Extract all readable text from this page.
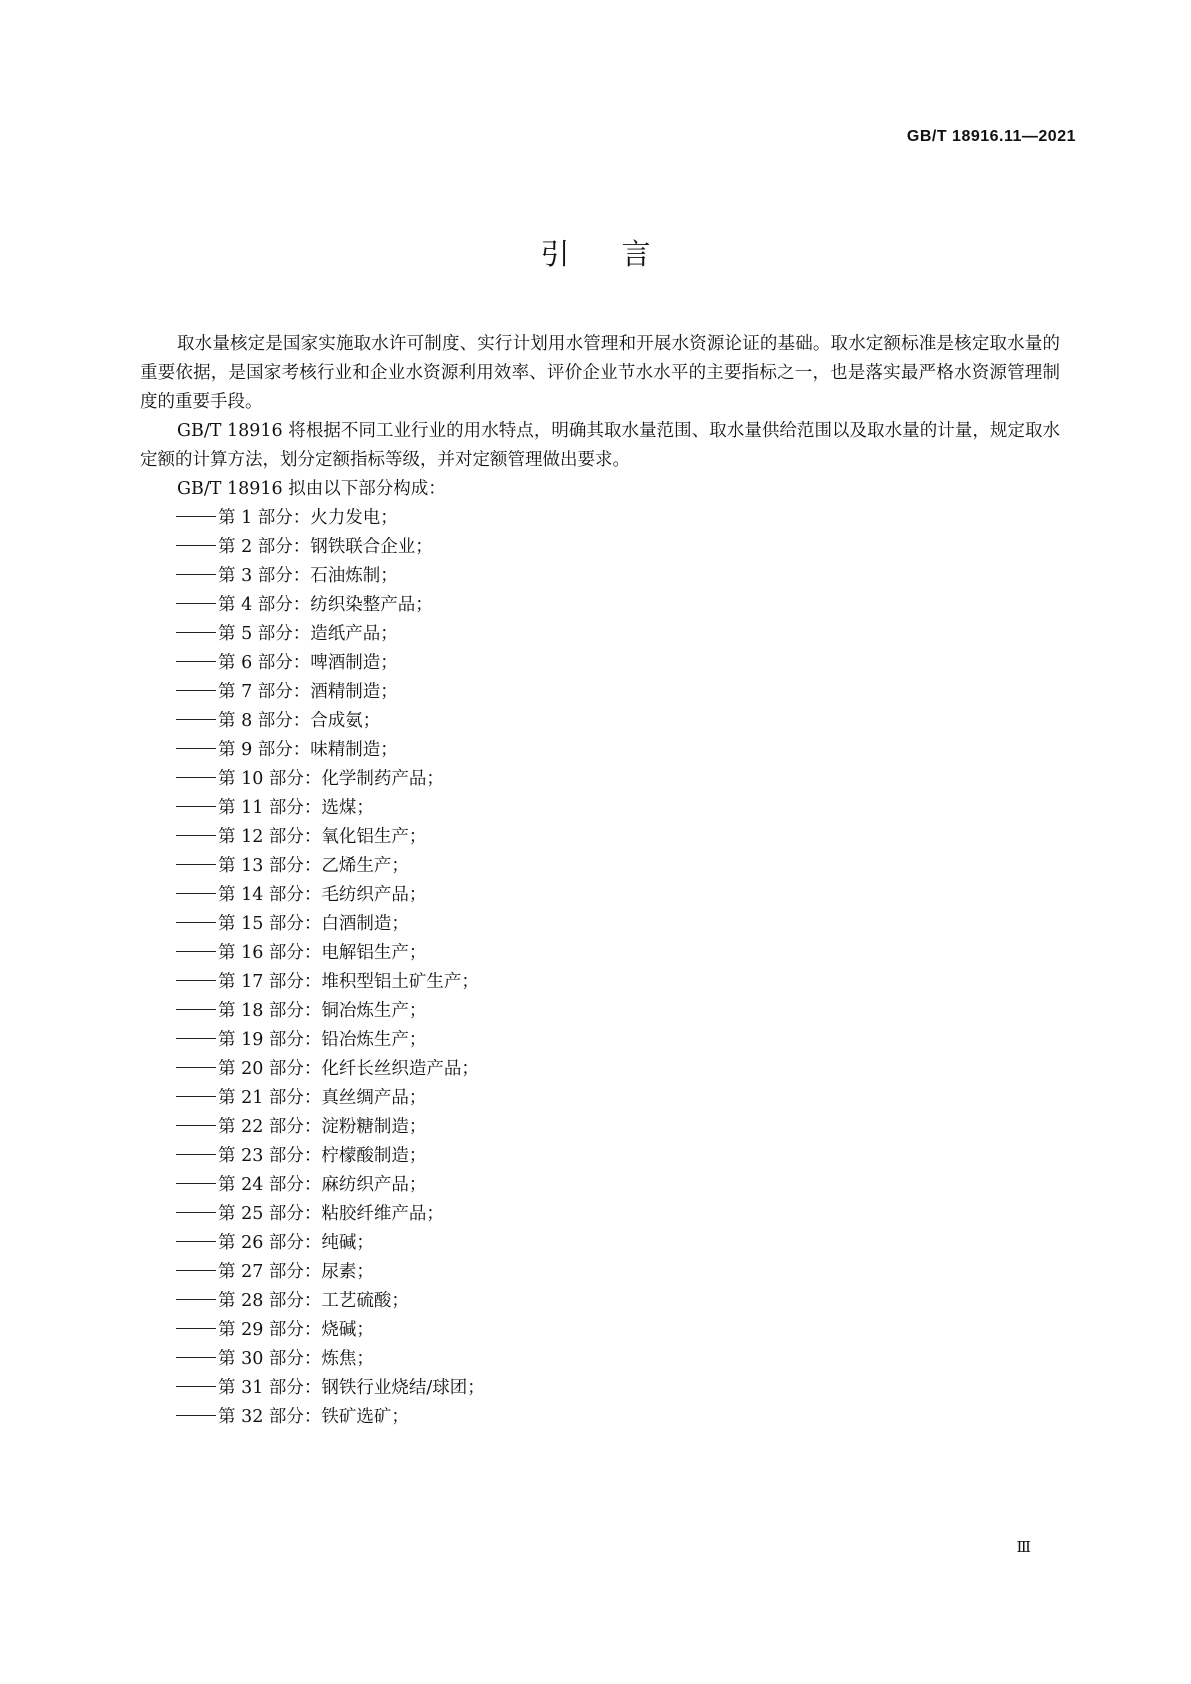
GB/T 18916.11—2021
引言

取水量核定是国家实施取水许可制度、实行计划用水管理和开展水资源论证的基础。取水定额标准是核定取水量的重要依据，是国家考核行业和企业水资源利用效率、评价企业节水水平的主要指标之一，也是落实最严格水资源管理制度的重要手段。

GB/T 18916 将根据不同工业行业的用水特点，明确其取水量范围、取水量供给范围以及取水量的计量，规定取水定额的计算方法，划分定额指标等级，并对定额管理做出要求。

GB/T 18916 拟由以下部分构成：

第 1 部分：火力发电；
第 2 部分：钢铁联合企业；
第 3 部分：石油炼制；
第 4 部分：纺织染整产品；
第 5 部分：造纸产品；
第 6 部分：啤酒制造；
第 7 部分：酒精制造；
第 8 部分：合成氨；
第 9 部分：味精制造；
第 10 部分：化学制药产品；
第 11 部分：选煤；
第 12 部分：氧化铝生产；
第 13 部分：乙烯生产；
第 14 部分：毛纺织产品；
第 15 部分：白酒制造；
第 16 部分：电解铝生产；
第 17 部分：堆积型铝土矿生产；
第 18 部分：铜冶炼生产；
第 19 部分：铅冶炼生产；
第 20 部分：化纤长丝织造产品；
第 21 部分：真丝绸产品；
第 22 部分：淀粉糖制造；
第 23 部分：柠檬酸制造；
第 24 部分：麻纺织产品；
第 25 部分：粘胶纤维产品；
第 26 部分：纯碱；
第 27 部分：尿素；
第 28 部分：工艺硫酸；
第 29 部分：烧碱；
第 30 部分：炼焦；
第 31 部分：钢铁行业烧结/球团；
第 32 部分：铁矿选矿；
Ⅲ
